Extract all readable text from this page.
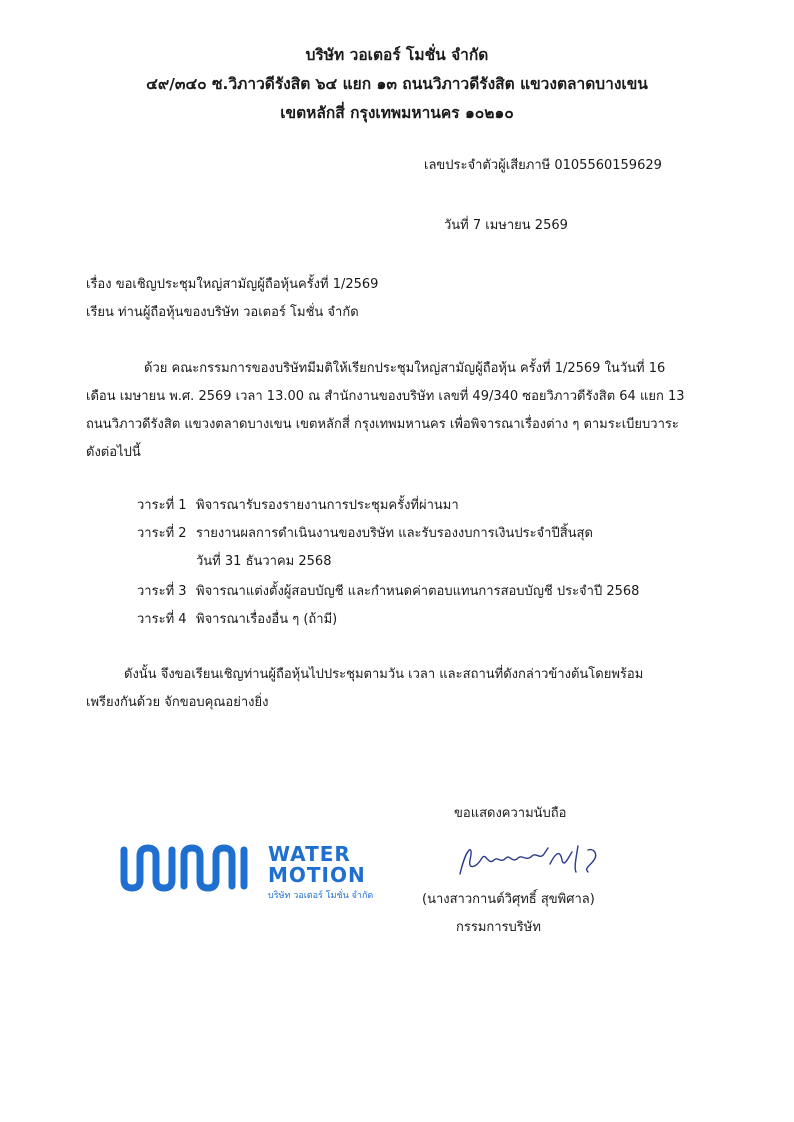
บริษัท วอเตอร์ โมชั่น จำกัด
๔๙/๓๔๐ ซ.วิภาวดีรังสิต ๖๔ แยก ๑๓ ถนนวิภาวดีรังสิต แขวงตลาดบางเขน
เขตหลักสี่ กรุงเทพมหานคร ๑๐๒๑๐
เลขประจำตัวผู้เสียภาษี 0105560159629
วันที่ 7 เมษายน 2569
เรื่อง ขอเชิญประชุมใหญ่สามัญผู้ถือหุ้นครั้งที่ 1/2569
เรียน ท่านผู้ถือหุ้นของบริษัท วอเตอร์ โมชั่น จำกัด
ด้วย คณะกรรมการของบริษัทมีมติให้เรียกประชุมใหญ่สามัญผู้ถือหุ้น ครั้งที่ 1/2569 ในวันที่ 16
เดือน เมษายน พ.ศ. 2569 เวลา 13.00 ณ สำนักงานของบริษัท เลขที่ 49/340 ซอยวิภาวดีรังสิต 64 แยก 13
ถนนวิภาวดีรังสิต แขวงตลาดบางเขน เขตหลักสี่ กรุงเทพมหานคร เพื่อพิจารณาเรื่องต่าง ๆ ตามระเบียบวาระ
ดังต่อไปนี้
วาระที่ 1 พิจารณารับรองรายงานการประชุมครั้งที่ผ่านมา
วาระที่ 2 รายงานผลการดำเนินงานของบริษัท และรับรองงบการเงินประจำปีสิ้นสุด
วันที่ 31 ธันวาคม 2568
วาระที่ 3 พิจารณาแต่งตั้งผู้สอบบัญชี และกำหนดค่าตอบแทนการสอบบัญชี ประจำปี 2568
วาระที่ 4 พิจารณาเรื่องอื่น ๆ (ถ้ามี)
ดังนั้น จึงขอเรียนเชิญท่านผู้ถือหุ้นไปประชุมตามวัน เวลา และสถานที่ดังกล่าวข้างต้นโดยพร้อม
เพรียงกันด้วย จักขอบคุณอย่างยิ่ง
ขอแสดงความนับถือ
(นางสาวกานต์วิศุทธิ์ สุขพิศาล)
กรรมการบริษัท
WATER
MOTION
บริษัท วอเตอร์ โมชั่น จำกัด
